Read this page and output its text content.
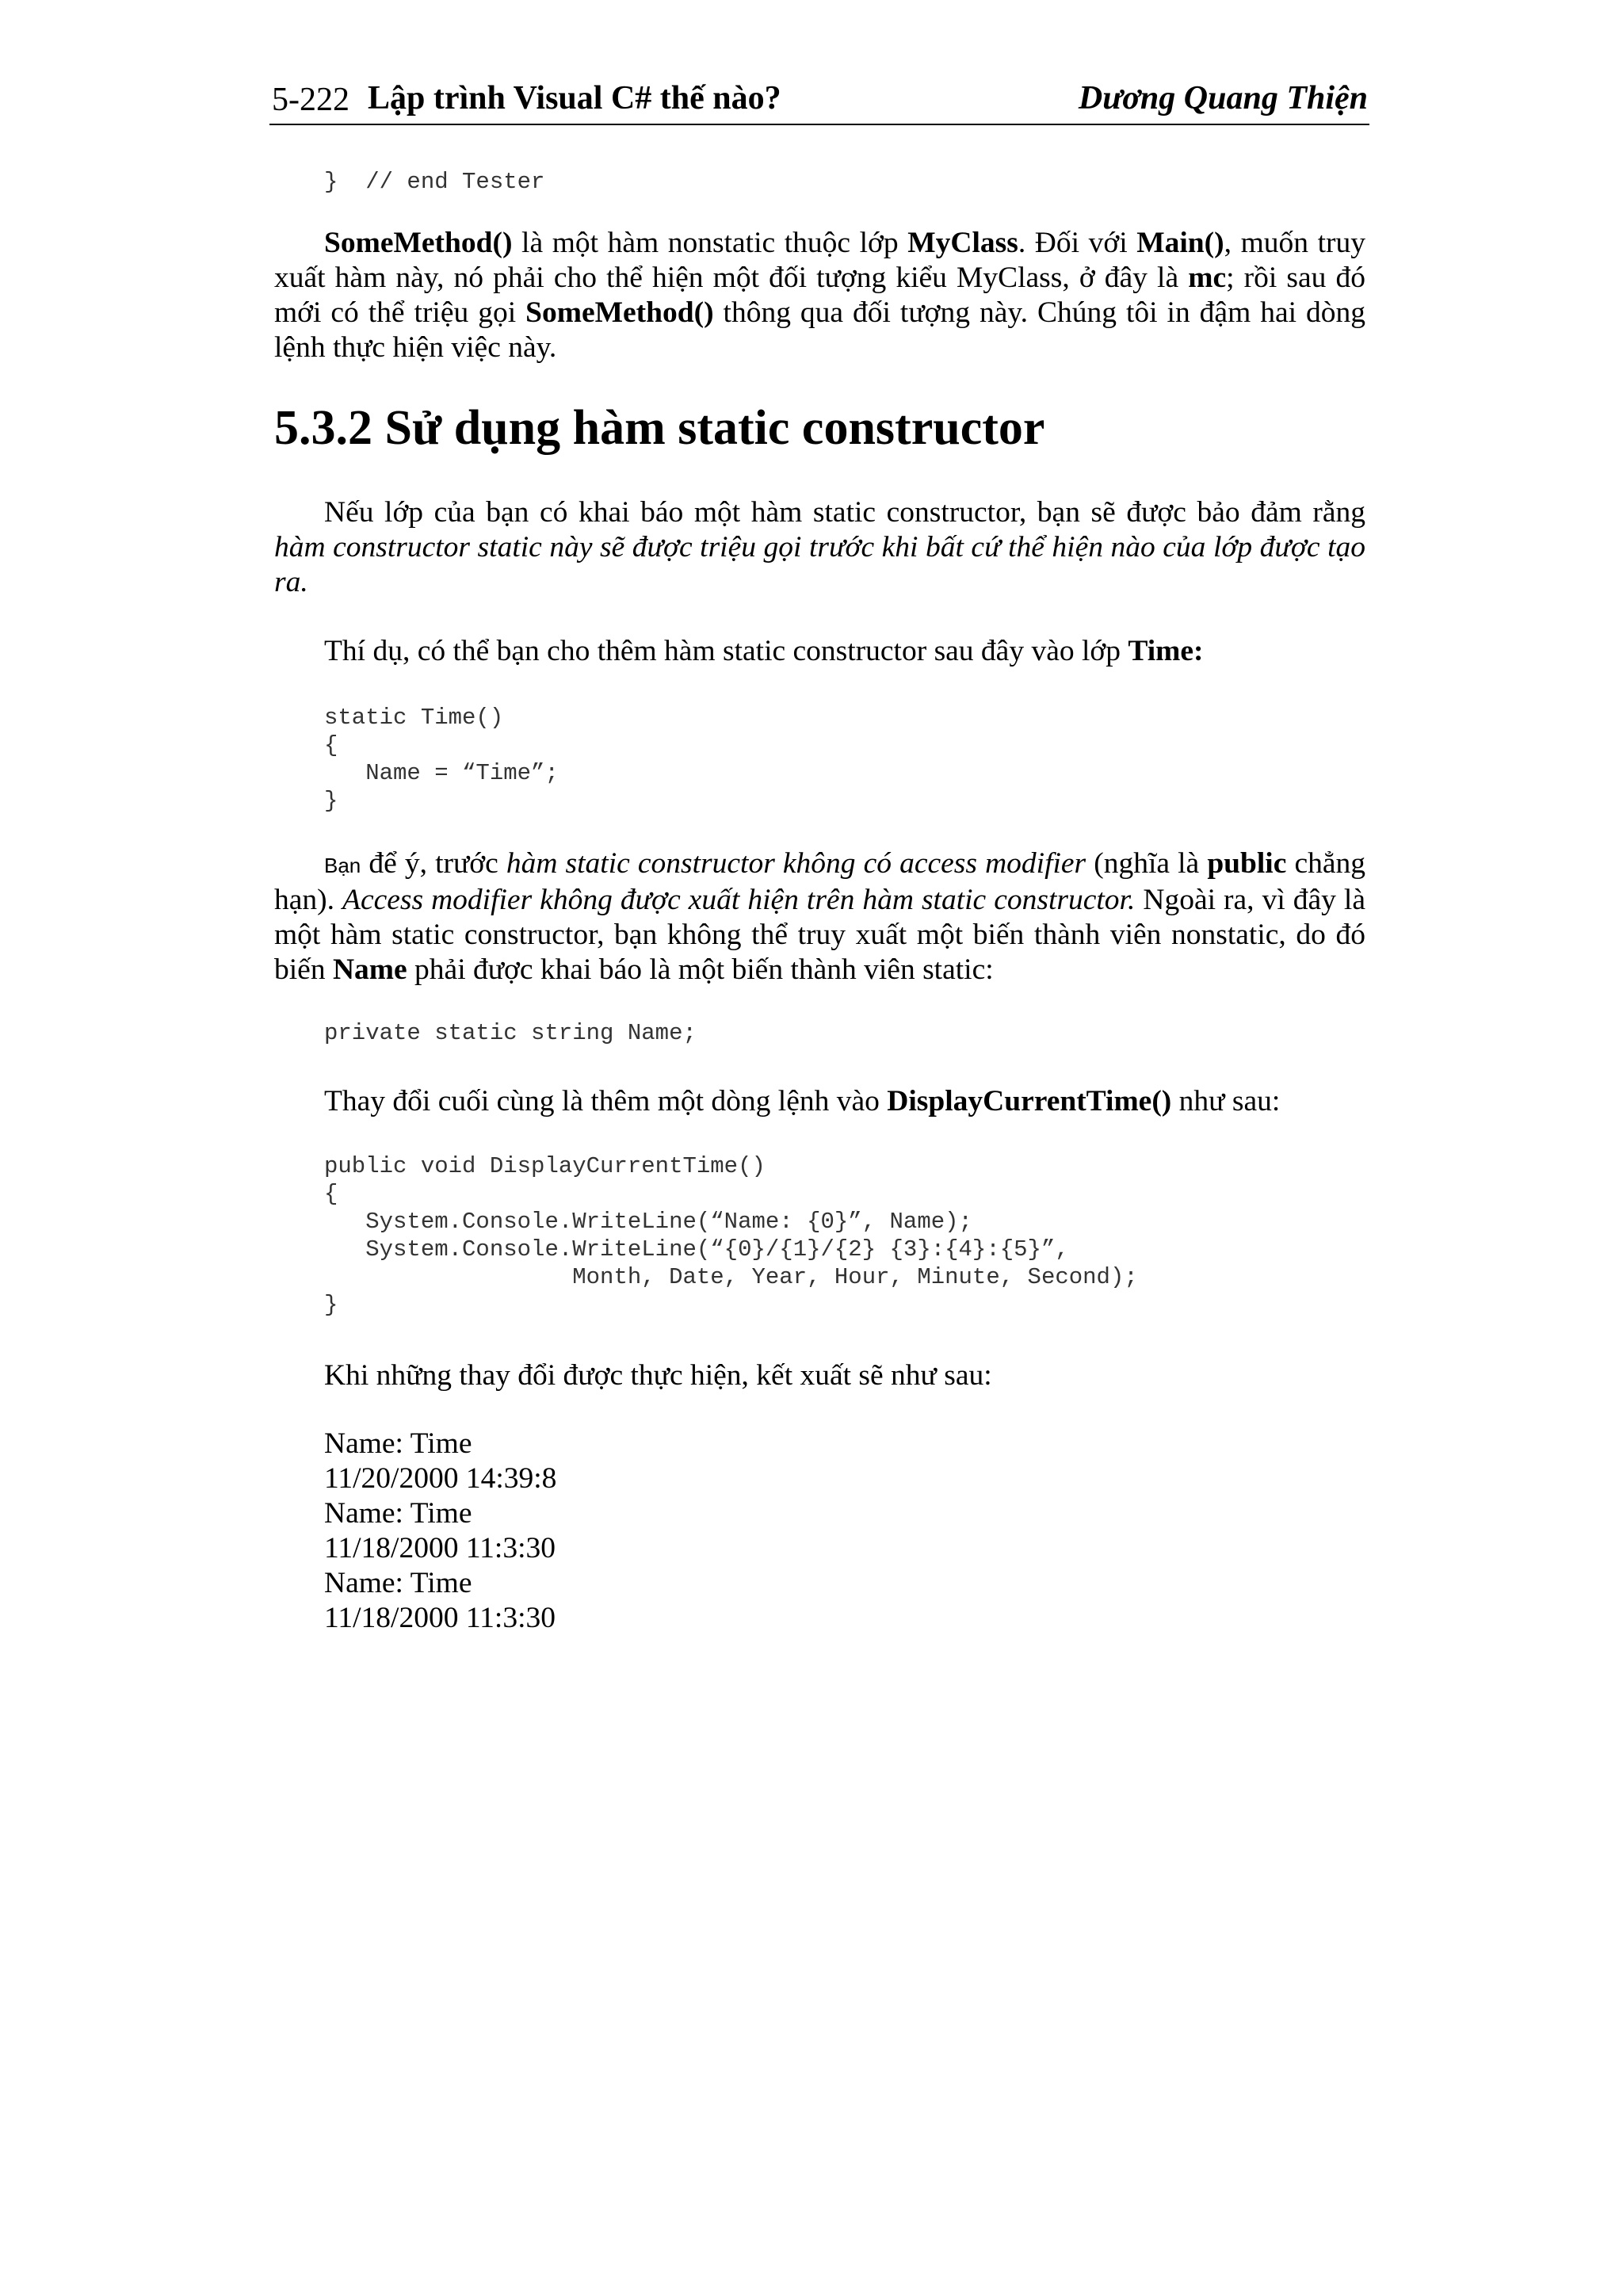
5-222 Lập trình Visual C# thế nào?	Dương Quang Thiện
}  // end Tester

SomeMethod() là một hàm nonstatic thuộc lớp MyClass. Đối với Main(), muốn truy xuất hàm này, nó phải cho thể hiện một đối tượng kiểu MyClass, ở đây là mc; rồi sau đó mới có thể triệu gọi SomeMethod() thông qua đối tượng này. Chúng tôi in đậm hai dòng lệnh thực hiện việc này.

5.3.2 Sử dụng hàm static constructor

Nếu lớp của bạn có khai báo một hàm static constructor, bạn sẽ được bảo đảm rằng hàm constructor static này sẽ được triệu gọi trước khi bất cứ thể hiện nào của lớp được tạo ra.

Thí dụ, có thể bạn cho thêm hàm static constructor sau đây vào lớp Time:

static Time()
{
Name = “Time”;
}

Bạn để ý, trước hàm static constructor không có access modifier (nghĩa là public chẳng hạn). Access modifier không được xuất hiện trên hàm static constructor. Ngoài ra, vì đây là một hàm static constructor, bạn không thể truy xuất một biến thành viên nonstatic, do đó biến Name phải được khai báo là một biến thành viên static:

private static string Name;

Thay đổi cuối cùng là thêm một dòng lệnh vào DisplayCurrentTime() như sau:

public void DisplayCurrentTime()
{
System.Console.WriteLine(“Name: {0}”, Name);
System.Console.WriteLine(“{0}/{1}/{2} {3}:{4}:{5}”,
Month, Date, Year, Hour, Minute, Second);
}

Khi những thay đổi được thực hiện, kết xuất sẽ như sau:

Name: Time
11/20/2000 14:39:8
Name: Time
11/18/2000 11:3:30
Name: Time
11/18/2000 11:3:30
